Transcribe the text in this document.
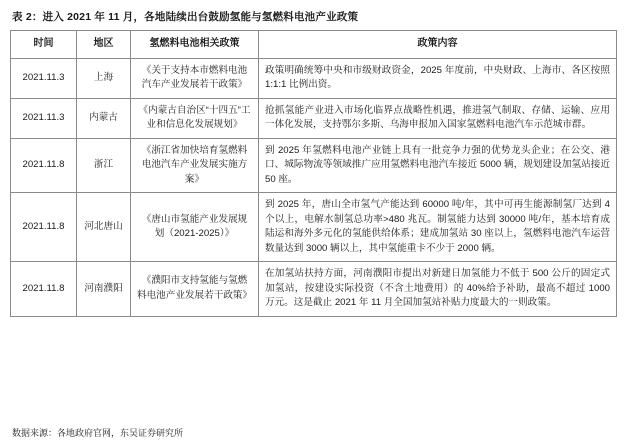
表 2：进入 2021 年 11 月，各地陆续出台鼓励氢能与氢燃料电池产业政策
时间	地区	氢燃料电池相关政策	政策内容
2021.11.3	上海	《关于支持本市燃料电池汽车产业发展若干政策》	政策明确统筹中央和市级财政资金，2025 年度前，中央财政、上海市、各区按照 1:1:1 比例出资。
2021.11.3	内蒙古	《内蒙古自治区“十四五”工业和信息化发展规划》	抢抓氢能产业进入市场化临界点战略性机遇，推进氢气制取、存储、运输、应用一体化发展，支持鄂尔多斯、乌海申报加入国家氢燃料电池汽车示范城市群。
2021.11.8	浙江	《浙江省加快培育氢燃料电池汽车产业发展实施方案》	到 2025 年氢燃料电池产业链上具有一批竞争力强的优势龙头企业；在公交、港口、城际物流等领域推广应用氢燃料电池汽车接近 5000 辆，规划建设加氢站接近 50 座。
2021.11.8	河北唐山	《唐山市氢能产业发展规划（2021-2025）》	到 2025 年，唐山全市氢气产能达到 60000 吨/年，其中可再生能源制氢厂达到 4 个以上，电解水制氢总功率>480 兆瓦。制氢能力达到 30000 吨/年，基本培育成陆运和海外多元化的氢能供给体系；建成加氢站 30 座以上，氢燃料电池汽车运营数量达到 3000 辆以上，其中氢能重卡不少于 2000 辆。
2021.11.8	河南濮阳	《濮阳市支持氢能与氢燃料电池产业发展若干政策》	在加氢站扶持方面，河南濮阳市提出对新建日加氢能力不低于 500 公斤的固定式加氢站，按建设实际投资（不含土地费用）的 40%给予补助，最高不超过 1000 万元。这是截止 2021 年 11 月全国加氢站补贴力度最大的一则政策。
数据来源：各地政府官网，东吴证券研究所
